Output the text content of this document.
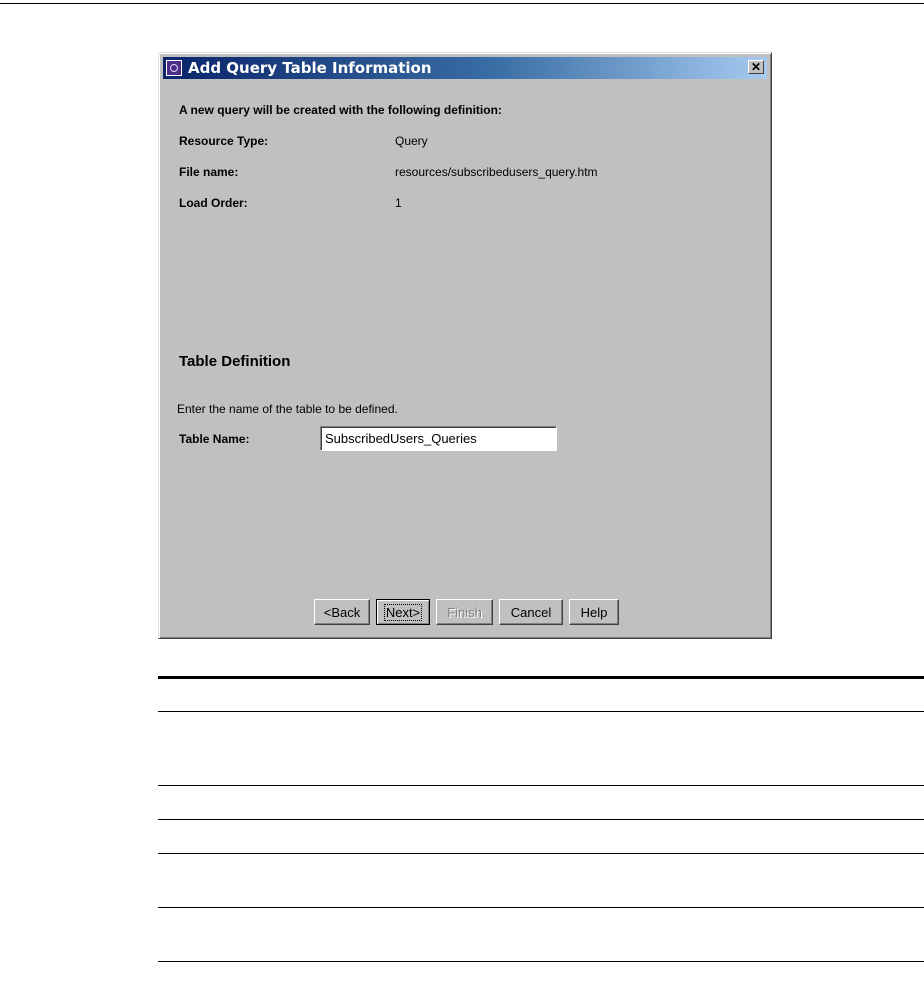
Add Query Table Information	✕
A new query will be created with the following definition:
Resource Type:	Query
File name:	resources/subscribedusers_query.htm
Load Order:	1
Table Definition
Enter the name of the table to be defined.
Table Name:
SubscribedUsers_Queries
<Back	Next>	Finish	Cancel	Help
